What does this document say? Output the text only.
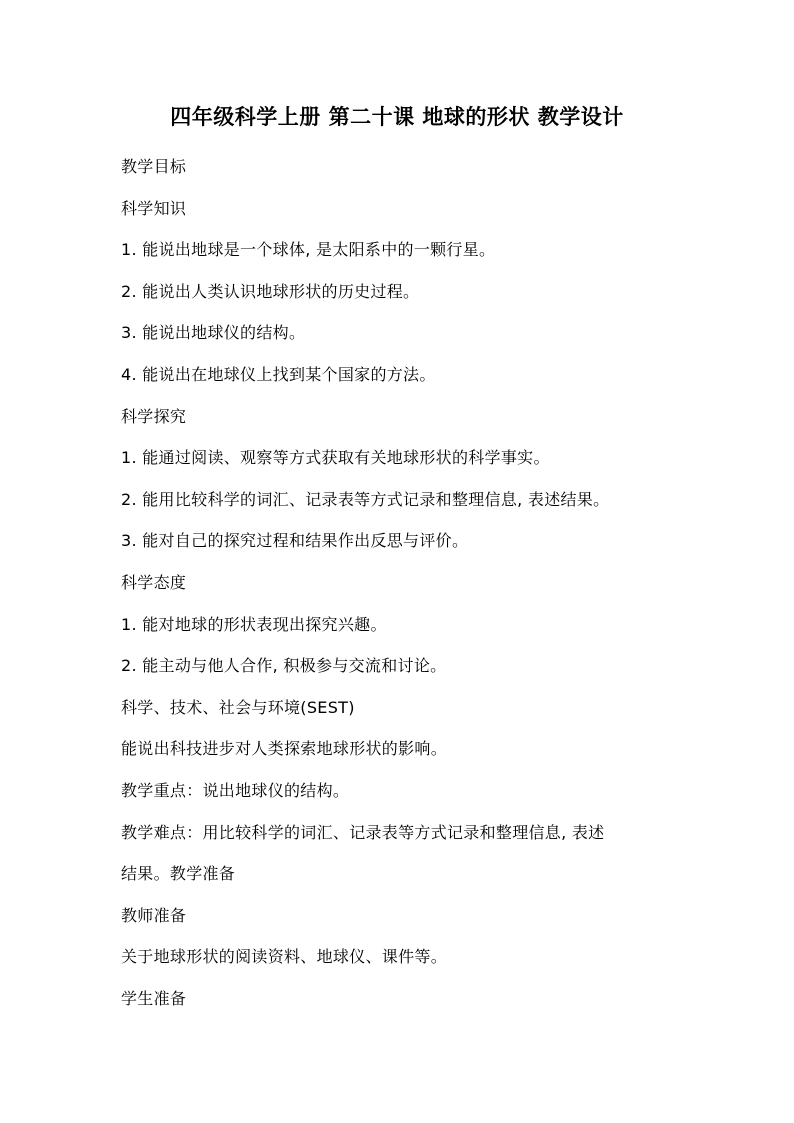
四年级科学上册 第二十课 地球的形状 教学设计
教学目标
科学知识
1. 能说出地球是一个球体, 是太阳系中的一颗行星。
2. 能说出人类认识地球形状的历史过程。
3. 能说出地球仪的结构。
4. 能说出在地球仪上找到某个国家的方法。
科学探究
1. 能通过阅读、观察等方式获取有关地球形状的科学事实。
2. 能用比较科学的词汇、记录表等方式记录和整理信息, 表述结果。
3. 能对自己的探究过程和结果作出反思与评价。
科学态度
1. 能对地球的形状表现出探究兴趣。
2. 能主动与他人合作, 积极参与交流和讨论。
科学、技术、社会与环境(SEST)
能说出科技进步对人类探索地球形状的影响。
教学重点：说出地球仪的结构。
教学难点：用比较科学的词汇、记录表等方式记录和整理信息, 表述
结果。教学准备
教师准备
关于地球形状的阅读资料、地球仪、课件等。
学生准备
